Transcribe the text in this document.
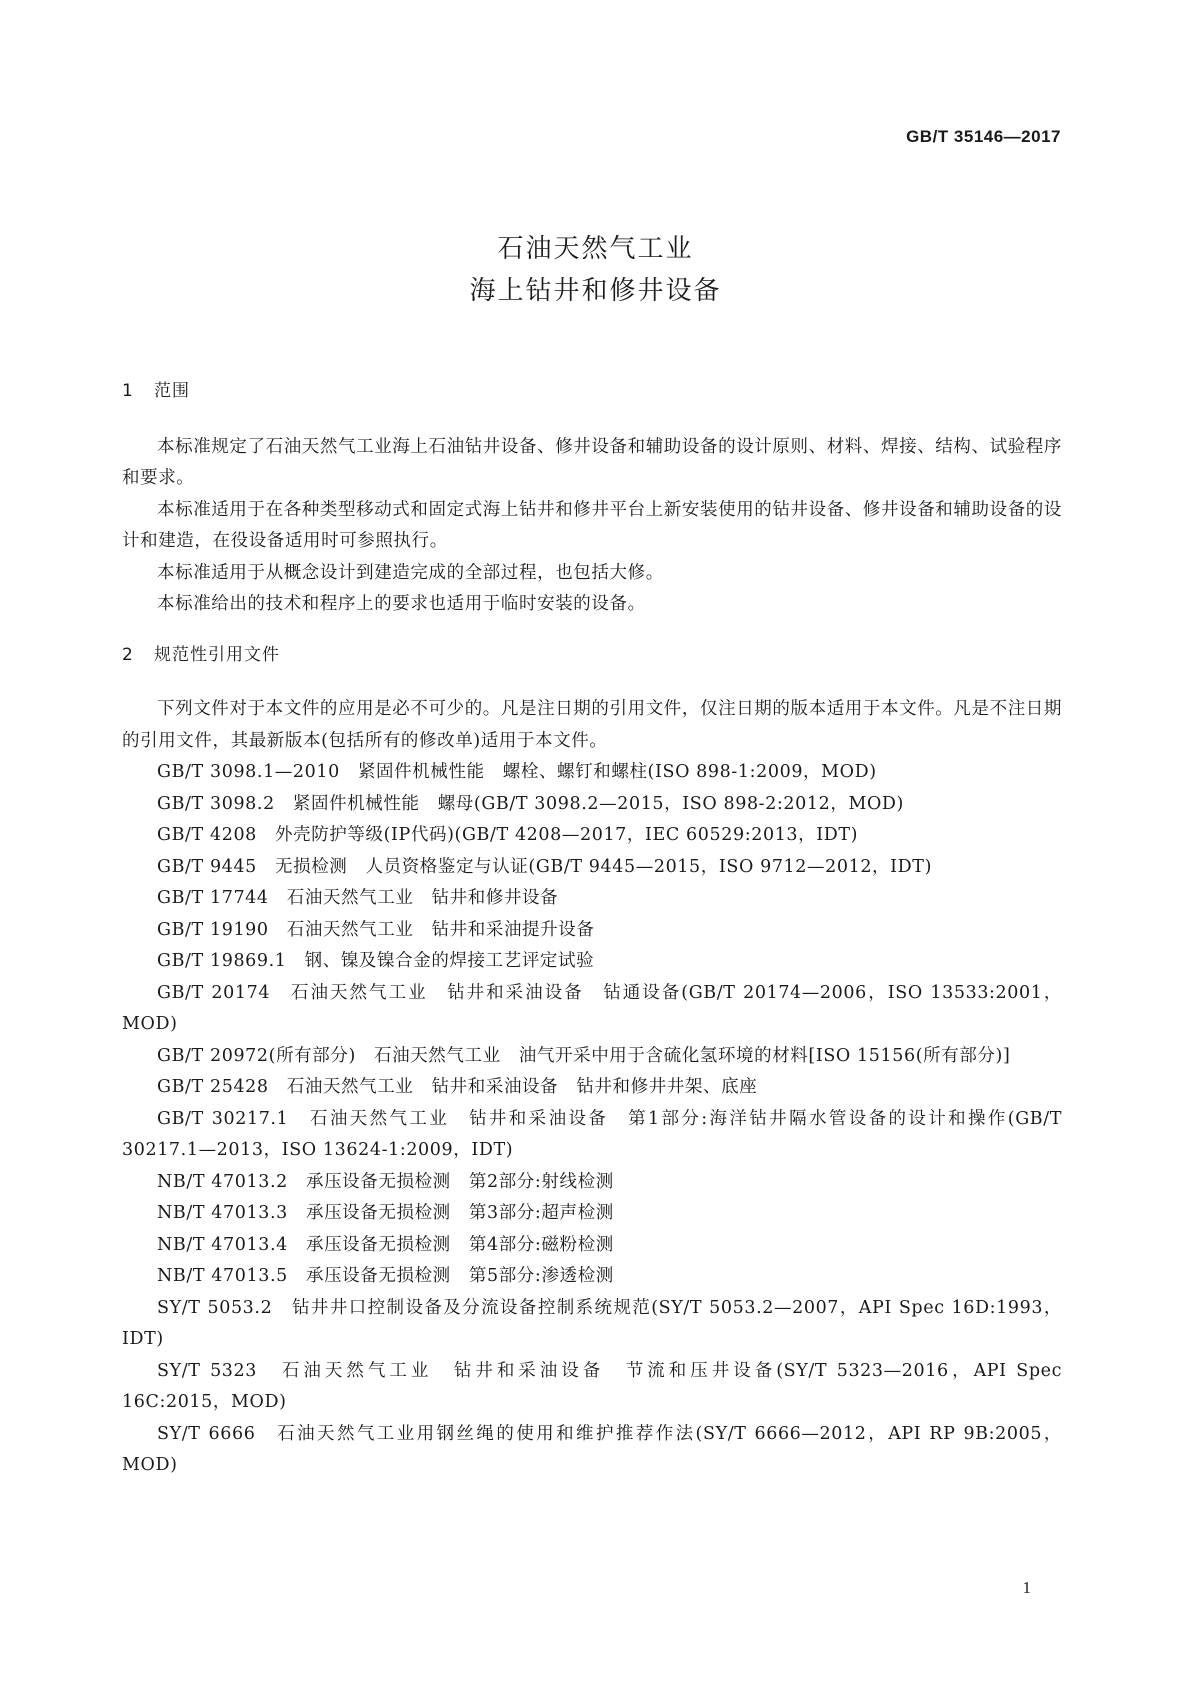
GB/T 35146—2017
石油天然气工业
海上钻井和修井设备
1 范围

本标准规定了石油天然气工业海上石油钻井设备、修井设备和辅助设备的设计原则、材料、焊接、结构、试验程序和要求。

本标准适用于在各种类型移动式和固定式海上钻井和修井平台上新安装使用的钻井设备、修井设备和辅助设备的设计和建造，在役设备适用时可参照执行。

本标准适用于从概念设计到建造完成的全部过程，也包括大修。

本标准给出的技术和程序上的要求也适用于临时安装的设备。

2 规范性引用文件

下列文件对于本文件的应用是必不可少的。凡是注日期的引用文件，仅注日期的版本适用于本文件。凡是不注日期的引用文件，其最新版本(包括所有的修改单)适用于本文件。

GB/T 3098.1—2010　紧固件机械性能　螺栓、螺钉和螺柱(ISO 898-1:2009，MOD)

GB/T 3098.2　紧固件机械性能　螺母(GB/T 3098.2—2015，ISO 898-2:2012，MOD)

GB/T 4208　外壳防护等级(IP代码)(GB/T 4208—2017，IEC 60529:2013，IDT)

GB/T 9445　无损检测　人员资格鉴定与认证(GB/T 9445—2015，ISO 9712—2012，IDT)

GB/T 17744　石油天然气工业　钻井和修井设备

GB/T 19190　石油天然气工业　钻井和采油提升设备

GB/T 19869.1　钢、镍及镍合金的焊接工艺评定试验

GB/T 20174　石油天然气工业　钻井和采油设备　钻通设备(GB/T 20174—2006，ISO 13533:2001，MOD)

GB/T 20972(所有部分)　石油天然气工业　油气开采中用于含硫化氢环境的材料[ISO 15156(所有部分)]

GB/T 25428　石油天然气工业　钻井和采油设备　钻井和修井井架、底座

GB/T 30217.1　石油天然气工业　钻井和采油设备　第1部分:海洋钻井隔水管设备的设计和操作(GB/T 30217.1—2013，ISO 13624-1:2009，IDT)

NB/T 47013.2　承压设备无损检测　第2部分:射线检测

NB/T 47013.3　承压设备无损检测　第3部分:超声检测

NB/T 47013.4　承压设备无损检测　第4部分:磁粉检测

NB/T 47013.5　承压设备无损检测　第5部分:渗透检测

SY/T 5053.2　钻井井口控制设备及分流设备控制系统规范(SY/T 5053.2—2007，API Spec 16D:1993，IDT)

SY/T 5323　石油天然气工业　钻井和采油设备　节流和压井设备(SY/T 5323—2016，API Spec 16C:2015，MOD)

SY/T 6666　石油天然气工业用钢丝绳的使用和维护推荐作法(SY/T 6666—2012，API RP 9B:2005，MOD)

1
